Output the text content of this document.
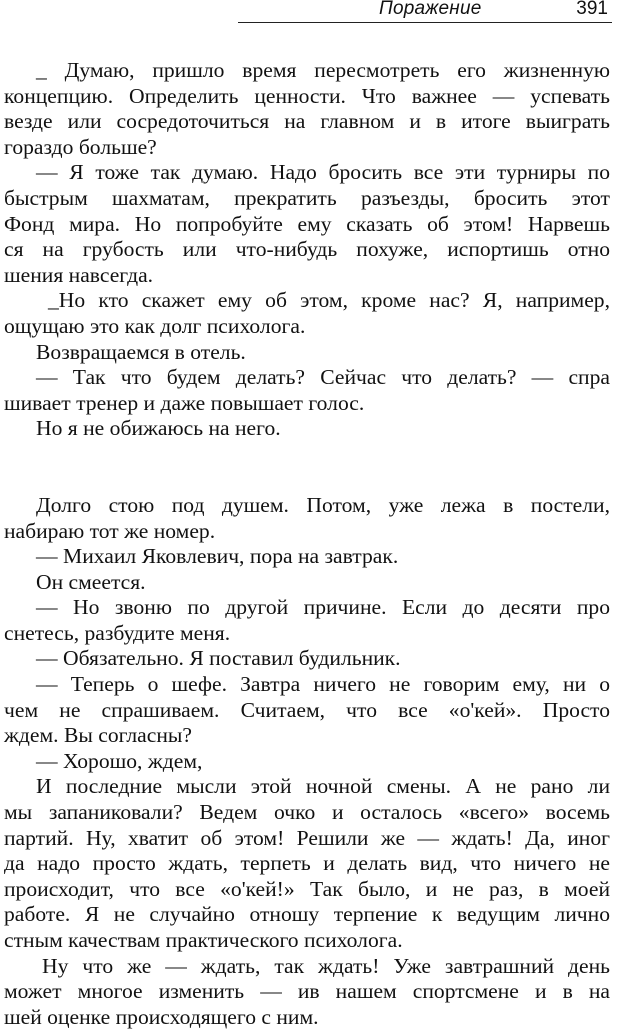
Поражение	391
_ Думаю, пришло время пересмотреть его жизненную
концепцию. Определить ценности. Что важнее — успевать
везде или сосредоточиться на главном и в итоге выиграть
гораздо больше?
— Я тоже так думаю. Надо бросить все эти турниры по
быстрым шахматам, прекратить разъезды, бросить этот
Фонд мира. Но попробуйте ему сказать об этом! Нарвешь
ся на грубость или что-нибудь похуже, испортишь отно
шения навсегда.
_Но кто скажет ему об этом, кроме нас? Я, например,
ощущаю это как долг психолога.
Возвращаемся в отель.
— Так что будем делать? Сейчас что делать? — спра
шивает тренер и даже повышает голос.
Но я не обижаюсь на него.
Долго стою под душем. Потом, уже лежа в постели,
набираю тот же номер.
— Михаил Яковлевич, пора на завтрак.
Он смеется.
— Но звоню по другой причине. Если до десяти про
снетесь, разбудите меня.
— Обязательно. Я поставил будильник.
— Теперь о шефе. Завтра ничего не говорим ему, ни о
чем не спрашиваем. Считаем, что все «о'кей». Просто
ждем. Вы согласны?
— Хорошо, ждем,
И последние мысли этой ночной смены. А не рано ли
мы запаниковали? Ведем очко и осталось «всего» восемь
партий. Ну, хватит об этом! Решили же — ждать! Да, иног
да надо просто ждать, терпеть и делать вид, что ничего не
происходит, что все «о'кей!» Так было, и не раз, в моей
работе. Я не случайно отношу терпение к ведущим лично
стным качествам практического психолога.
Ну что же — ждать, так ждать! Уже завтрашний день
может многое изменить — ив нашем спортсмене и в на
шей оценке происходящего с ним.
